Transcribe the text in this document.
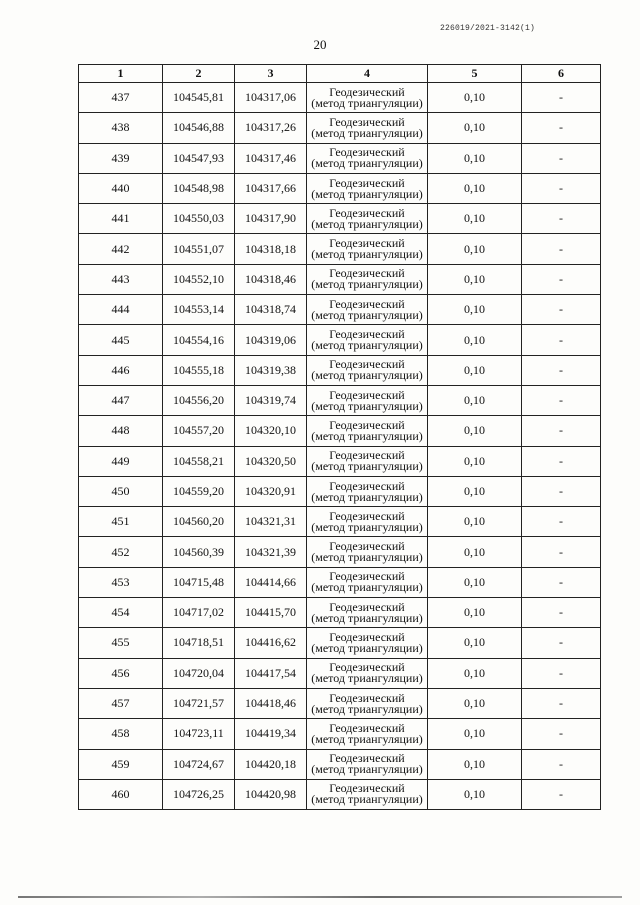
226019/2021-3142(1)
20
1	2	3	4	5	6
437	104545,81	104317,06	Геодезический
(метод триангуляции)	0,10	-
438	104546,88	104317,26	Геодезический
(метод триангуляции)	0,10	-
439	104547,93	104317,46	Геодезический
(метод триангуляции)	0,10	-
440	104548,98	104317,66	Геодезический
(метод триангуляции)	0,10	-
441	104550,03	104317,90	Геодезический
(метод триангуляции)	0,10	-
442	104551,07	104318,18	Геодезический
(метод триангуляции)	0,10	-
443	104552,10	104318,46	Геодезический
(метод триангуляции)	0,10	-
444	104553,14	104318,74	Геодезический
(метод триангуляции)	0,10	-
445	104554,16	104319,06	Геодезический
(метод триангуляции)	0,10	-
446	104555,18	104319,38	Геодезический
(метод триангуляции)	0,10	-
447	104556,20	104319,74	Геодезический
(метод триангуляции)	0,10	-
448	104557,20	104320,10	Геодезический
(метод триангуляции)	0,10	-
449	104558,21	104320,50	Геодезический
(метод триангуляции)	0,10	-
450	104559,20	104320,91	Геодезический
(метод триангуляции)	0,10	-
451	104560,20	104321,31	Геодезический
(метод триангуляции)	0,10	-
452	104560,39	104321,39	Геодезический
(метод триангуляции)	0,10	-
453	104715,48	104414,66	Геодезический
(метод триангуляции)	0,10	-
454	104717,02	104415,70	Геодезический
(метод триангуляции)	0,10	-
455	104718,51	104416,62	Геодезический
(метод триангуляции)	0,10	-
456	104720,04	104417,54	Геодезический
(метод триангуляции)	0,10	-
457	104721,57	104418,46	Геодезический
(метод триангуляции)	0,10	-
458	104723,11	104419,34	Геодезический
(метод триангуляции)	0,10	-
459	104724,67	104420,18	Геодезический
(метод триангуляции)	0,10	-
460	104726,25	104420,98	Геодезический
(метод триангуляции)	0,10	-
